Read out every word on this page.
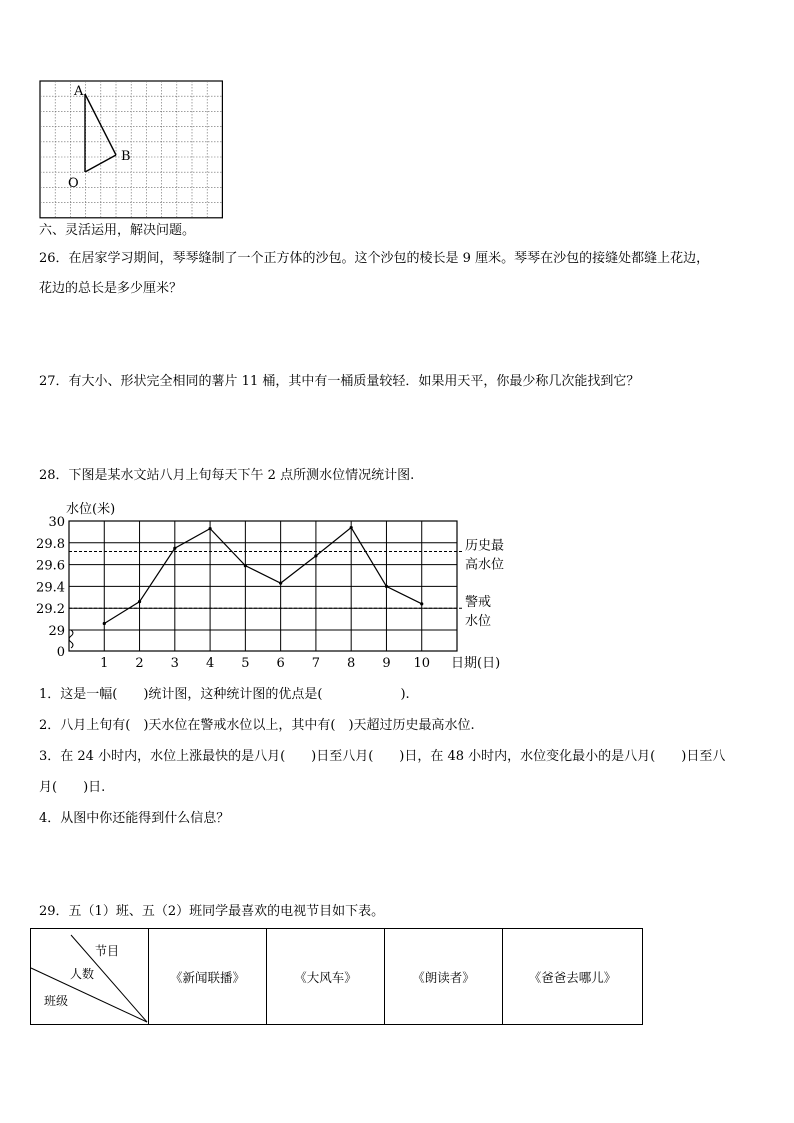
A
B
O
六、灵活运用，解决问题。
26．在居家学习期间，琴琴缝制了一个正方体的沙包。这个沙包的棱长是 9 厘米。琴琴在沙包的接缝处都缝上花边，
花边的总长是多少厘米？
27．有大小、形状完全相同的薯片 11 桶，其中有一桶质量较轻．如果用天平，你最少称几次能找到它？
28．下图是某水文站八月上旬每天下午 2 点所测水位情况统计图.
水位(米)
30
29.8
29.6
29.4
29.2
29
0
1 2 3 4 5 6 7 8 9 10
历史最
高水位
警戒
水位
日期(日)
1．这是一幅(　　)统计图，这种统计图的优点是(　　　　　　).
2．八月上旬有(　)天水位在警戒水位以上，其中有(　)天超过历史最高水位.
3．在 24 小时内，水位上涨最快的是八月(　　)日至八月(　　)日，在 48 小时内，水位变化最小的是八月(　　)日至八
月(　　)日.
4．从图中你还能得到什么信息？
29．五（1）班、五（2）班同学最喜欢的电视节目如下表。
节目
人数
班级
	《新闻联播》	《大风车》	《朗读者》	《爸爸去哪儿》
